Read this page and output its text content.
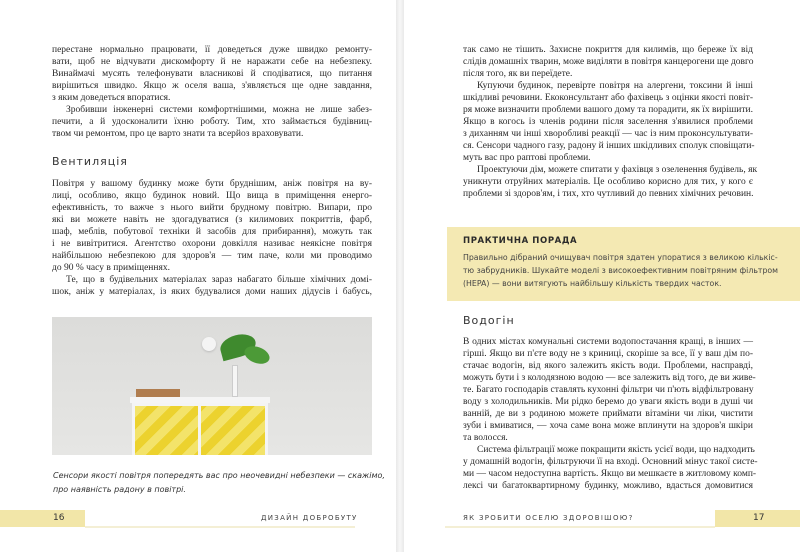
перестане нормально працювати, її доведеться дуже швидко ремонту-
вати, щоб не відчувати дискомфорту й не наражати себе на небезпеку.
Винаймачі мусять телефонувати власникові й сподіватися, що питання
вирішиться швидко. Якщо ж оселя ваша, з'являється ще одне завдання,
з яким доведеться впоратися.
Зробивши інженерні системи комфортнішими, можна не лише забез-
печити, а й удосконалити їхню роботу. Тим, хто займається будівниц-
твом чи ремонтом, про це варто знати та всерйоз враховувати.
Вентиляція
Повітря у вашому будинку може бути бруднішим, аніж повітря на ву-
лиці, особливо, якщо будинок новий. Що вища в приміщення енерго-
ефективність, то важче з нього вийти брудному повітрю. Випари, про
які ви можете навіть не здогадуватися (з килимових покриттів, фарб,
шаф, меблів, побутової техніки й засобів для прибирання), можуть так
і не вивітритися. Агентство охорони довкілля називає неякісне повітря
найбільшою небезпекою для здоров'я — тим паче, коли ми проводимо
до 90 % часу в приміщеннях.
Те, що в будівельних матеріалах зараз набагато більше хімічних домі-
шок, аніж у матеріалах, із яких будувалися доми наших дідусів і бабусь,
Сенсори якості повітря попередять вас про неочевидні небезпеки — скажімо,
про наявність радону в повітрі.
16	ДИЗАЙН ДОБРОБУТУ
так само не тішить. Захисне покриття для килимів, що береже їх від
слідів домашніх тварин, може виділяти в повітря канцерогени ще довго
після того, як ви переїдете.
Купуючи будинок, перевірте повітря на алергени, токсини й інші
шкідливі речовини. Екоконсультант або фахівець з оцінки якості повіт-
ря може визначити проблеми вашого дому та порадити, як їх вирішити.
Якщо в когось із членів родини після заселення з'явилися проблеми
з диханням чи інші хворобливі реакції — час із ним проконсультувати-
ся. Сенсори чадного газу, радону й інших шкідливих сполук сповіщати-
муть вас про раптові проблеми.
Проектуючи дім, можете спитати у фахівця з озеленення будівель, як
уникнути отруйних матеріалів. Це особливо корисно для тих, у кого є
проблеми зі здоров'ям, і тих, хто чутливий до певних хімічних речовин.
ПРАКТИЧНА ПОРАДА
Правильно дібраний очищувач повітря здатен упоратися з великою кількіс-
тю забрудників. Шукайте моделі з високоефективним повітряним фільтром
(HEPA) — вони витягують найбільшу кількість твердих часток.
Водогін
В одних містах комунальні системи водопостачання кращі, в інших —
гірші. Якщо ви п'єте воду не з криниці, скоріше за все, її у ваш дім по-
стачає водогін, від якого залежить якість води. Проблеми, насправді,
можуть бути і з колодязною водою — все залежить від того, де ви живе-
те. Багато господарів ставлять кухонні фільтри чи п'ють відфільтровану
воду з холодильників. Ми рідко беремо до уваги якість води в душі чи
ванній, де ви з родиною можете приймати вітаміни чи ліки, чистити
зуби і вмиватися, — хоча саме вона може вплинути на здоров'я шкіри
та волосся.
Система фільтрації може покращити якість усієї води, що надходить
у домашній водогін, фільтруючи її на вході. Основний мінус такої систе-
ми — часом недоступна вартість. Якщо ви мешкаєте в житловому комп-
лексі чи багатоквартирному будинку, можливо, вдасться домовитися
ЯК ЗРОБИТИ ОСЕЛЮ ЗДОРОВІШОЮ?	17
